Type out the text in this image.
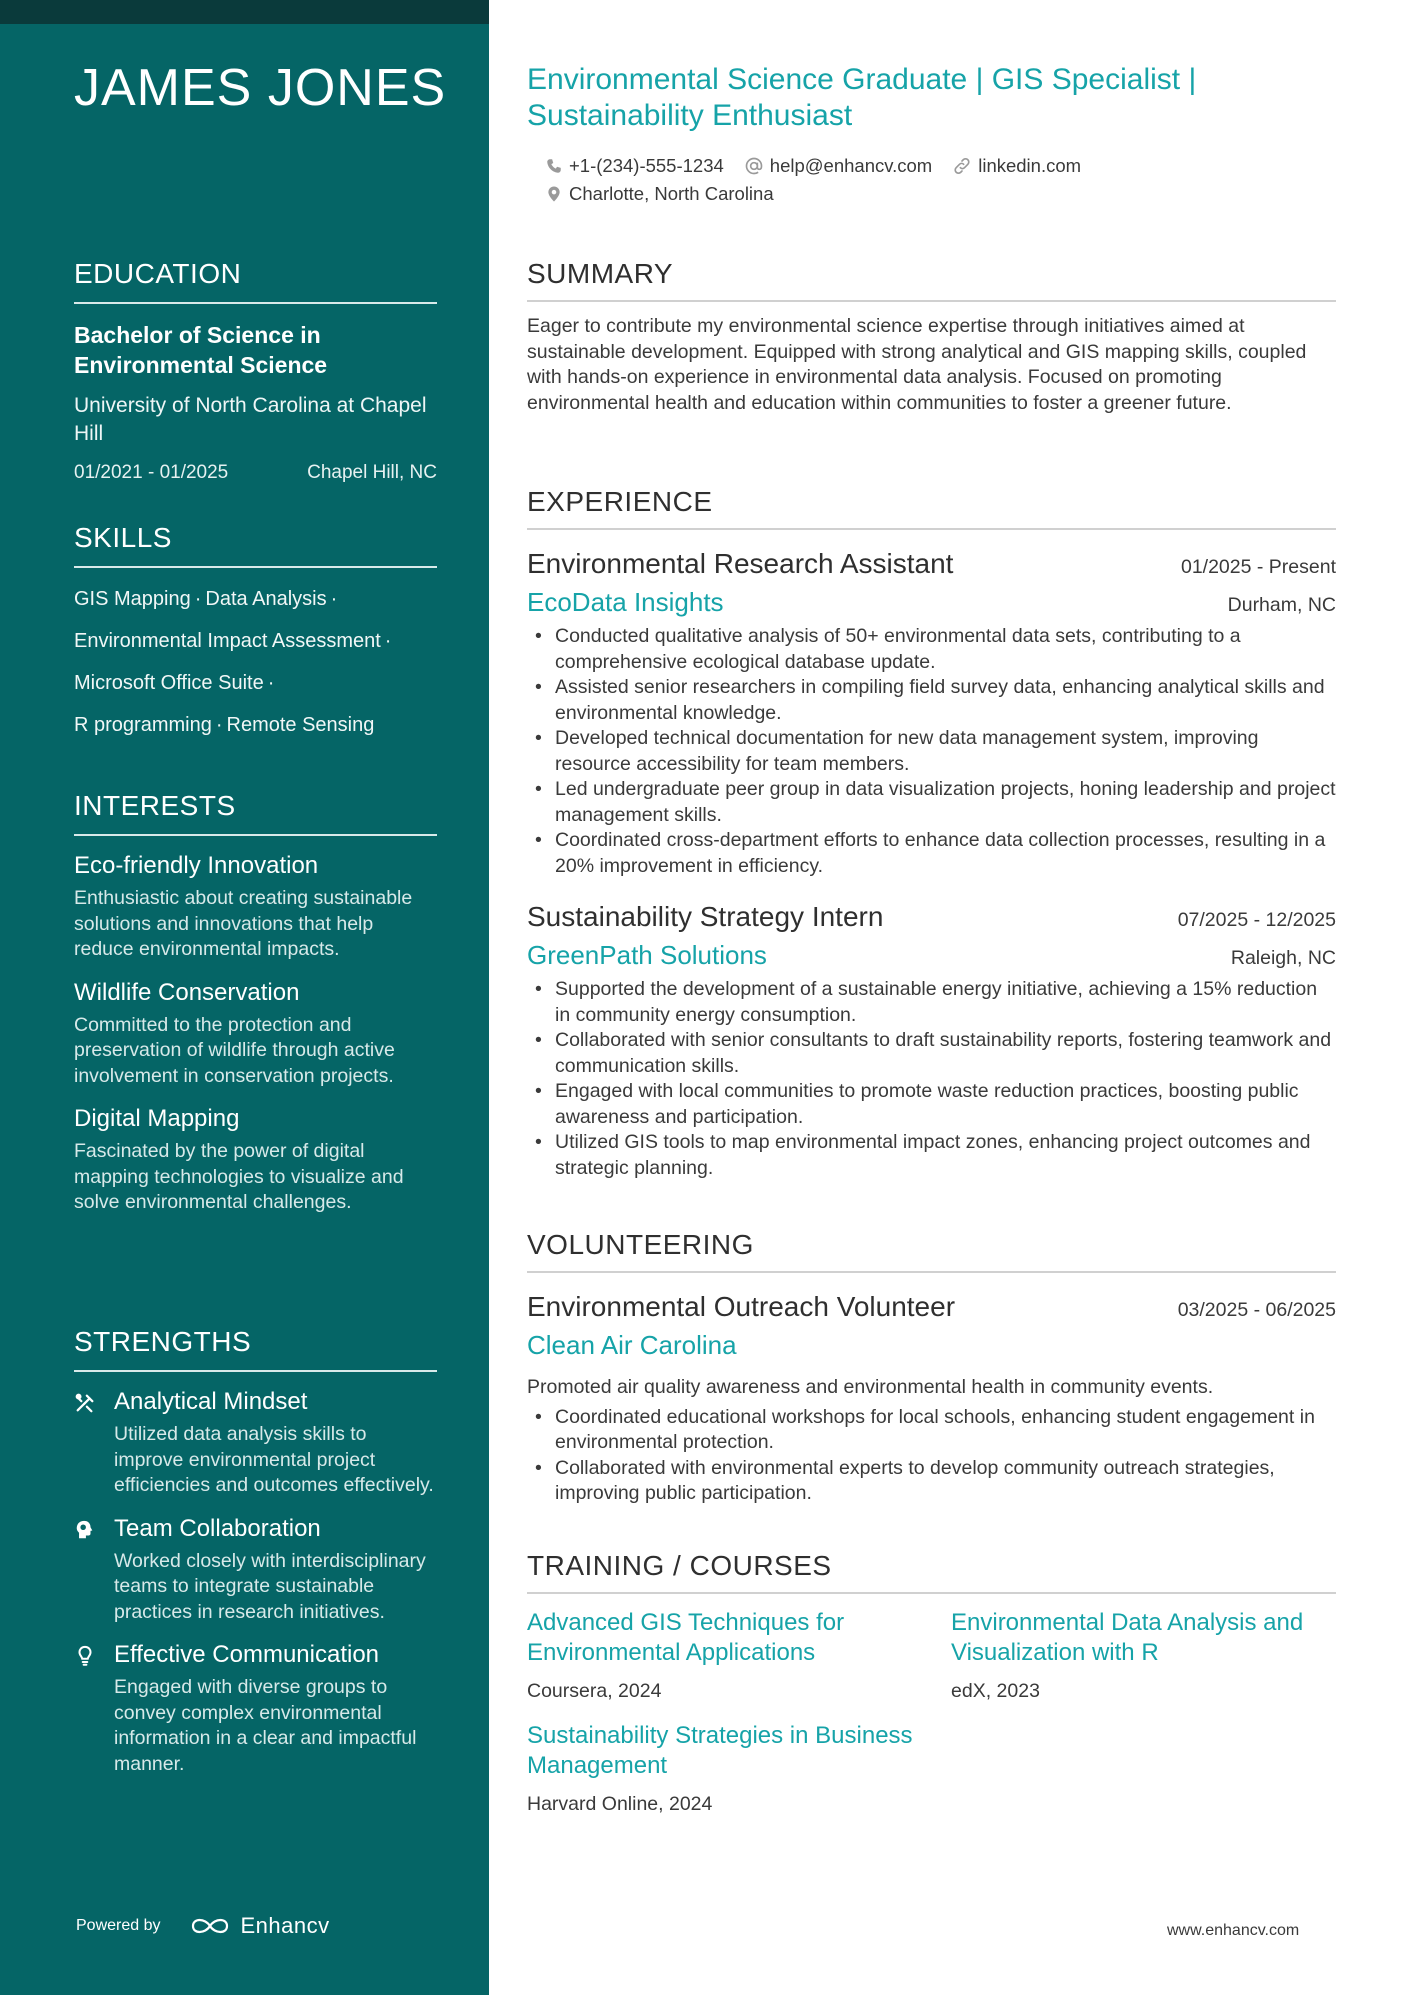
JAMES JONES
EDUCATION
Bachelor of Science in Environmental Science
University of North Carolina at Chapel Hill
01/2021 - 01/2025	Chapel Hill, NC
SKILLS
GIS Mapping · Data Analysis ·
Environmental Impact Assessment ·
Microsoft Office Suite ·
R programming · Remote Sensing
INTERESTS
Eco-friendly Innovation
Enthusiastic about creating sustainable solutions and innovations that help reduce environmental impacts.
Wildlife Conservation
Committed to the protection and preservation of wildlife through active involvement in conservation projects.
Digital Mapping
Fascinated by the power of digital mapping technologies to visualize and solve environmental challenges.
STRENGTHS
Analytical Mindset
Utilized data analysis skills to improve environmental project efficiencies and outcomes effectively.
Team Collaboration
Worked closely with interdisciplinary teams to integrate sustainable practices in research initiatives.
Effective Communication
Engaged with diverse groups to convey complex environmental information in a clear and impactful manner.
Powered by	Enhancv
Environmental Science Graduate | GIS Specialist | Sustainability Enthusiast
+1-(234)-555-1234 help@enhancv.com linkedin.com
Charlotte, North Carolina
SUMMARY
Eager to contribute my environmental science expertise through initiatives aimed at sustainable development. Equipped with strong analytical and GIS mapping skills, coupled with hands-on experience in environmental data analysis. Focused on promoting environmental health and education within communities to foster a greener future.
EXPERIENCE
Environmental Research Assistant	01/2025 - Present
EcoData Insights	Durham, NC
• Conducted qualitative analysis of 50+ environmental data sets, contributing to a comprehensive ecological database update.
• Assisted senior researchers in compiling field survey data, enhancing analytical skills and environmental knowledge.
• Developed technical documentation for new data management system, improving resource accessibility for team members.
• Led undergraduate peer group in data visualization projects, honing leadership and project management skills.
• Coordinated cross-department efforts to enhance data collection processes, resulting in a 20% improvement in efficiency.
Sustainability Strategy Intern	07/2025 - 12/2025
GreenPath Solutions	Raleigh, NC
• Supported the development of a sustainable energy initiative, achieving a 15% reduction in community energy consumption.
• Collaborated with senior consultants to draft sustainability reports, fostering teamwork and communication skills.
• Engaged with local communities to promote waste reduction practices, boosting public awareness and participation.
• Utilized GIS tools to map environmental impact zones, enhancing project outcomes and strategic planning.
VOLUNTEERING
Environmental Outreach Volunteer	03/2025 - 06/2025
Clean Air Carolina
Promoted air quality awareness and environmental health in community events.
• Coordinated educational workshops for local schools, enhancing student engagement in environmental protection.
• Collaborated with environmental experts to develop community outreach strategies, improving public participation.
TRAINING / COURSES
Advanced GIS Techniques for Environmental Applications
Coursera, 2024
Environmental Data Analysis and Visualization with R
edX, 2023
Sustainability Strategies in Business Management
Harvard Online, 2024
www.enhancv.com
